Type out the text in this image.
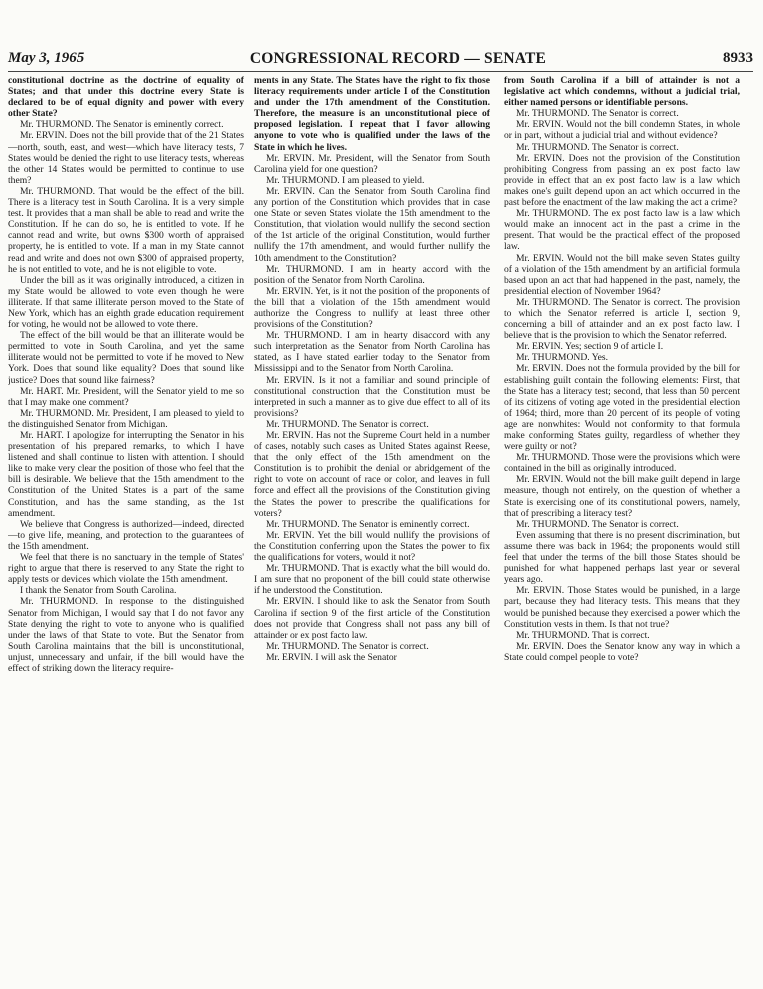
May 3, 1965	CONGRESSIONAL RECORD — SENATE	8933

constitutional doctrine as the doctrine of equality of States; and that under this doctrine every State is declared to be of equal dignity and power with every other State?

Mr. THURMOND. The Senator is eminently correct.

Mr. ERVIN. Does not the bill provide that of the 21 States—north, south, east, and west—which have literacy tests, 7 States would be denied the right to use literacy tests, whereas the other 14 States would be permitted to continue to use them?

Mr. THURMOND. That would be the effect of the bill. There is a literacy test in South Carolina. It is a very simple test. It provides that a man shall be able to read and write the Constitution. If he can do so, he is entitled to vote. If he cannot read and write, but owns $300 worth of appraised property, he is entitled to vote. If a man in my State cannot read and write and does not own $300 of appraised property, he is not entitled to vote, and he is not eligible to vote.

Under the bill as it was originally introduced, a citizen in my State would be allowed to vote even though he were illiterate. If that same illiterate person moved to the State of New York, which has an eighth grade education requirement for voting, he would not be allowed to vote there.

The effect of the bill would be that an illiterate would be permitted to vote in South Carolina, and yet the same illiterate would not be permitted to vote if he moved to New York. Does that sound like equality? Does that sound like justice? Does that sound like fairness?

Mr. HART. Mr. President, will the Senator yield to me so that I may make one comment?

Mr. THURMOND. Mr. President, I am pleased to yield to the distinguished Senator from Michigan.

Mr. HART. I apologize for interrupting the Senator in his presentation of his prepared remarks, to which I have listened and shall continue to listen with attention. I should like to make very clear the position of those who feel that the bill is desirable. We believe that the 15th amendment to the Constitution of the United States is a part of the same Constitution, and has the same standing, as the 1st amendment.

We believe that Congress is authorized—indeed, directed—to give life, meaning, and protection to the guarantees of the 15th amendment.

We feel that there is no sanctuary in the temple of States' right to argue that there is reserved to any State the right to apply tests or devices which violate the 15th amendment.

I thank the Senator from South Carolina.

Mr. THURMOND. In response to the distinguished Senator from Michigan, I would say that I do not favor any State denying the right to vote to anyone who is qualified under the laws of that State to vote. But the Senator from South Carolina maintains that the bill is unconstitutional, unjust, unnecessary and unfair, if the bill would have the effect of striking down the literacy require-

ments in any State. The States have the right to fix those literacy requirements under article I of the Constitution and under the 17th amendment of the Constitution. Therefore, the measure is an unconstitutional piece of proposed legislation. I repeat that I favor allowing anyone to vote who is qualified under the laws of the State in which he lives.

Mr. ERVIN. Mr. President, will the Senator from South Carolina yield for one question?

Mr. THURMOND. I am pleased to yield.

Mr. ERVIN. Can the Senator from South Carolina find any portion of the Constitution which provides that in case one State or seven States violate the 15th amendment to the Constitution, that violation would nullify the second section of the 1st article of the original Constitution, would further nullify the 17th amendment, and would further nullify the 10th amendment to the Constitution?

Mr. THURMOND. I am in hearty accord with the position of the Senator from North Carolina.

Mr. ERVIN. Yet, is it not the position of the proponents of the bill that a violation of the 15th amendment would authorize the Congress to nullify at least three other provisions of the Constitution?

Mr. THURMOND. I am in hearty disaccord with any such interpretation as the Senator from North Carolina has stated, as I have stated earlier today to the Senator from Mississippi and to the Senator from North Carolina.

Mr. ERVIN. Is it not a familiar and sound principle of constitutional construction that the Constitution must be interpreted in such a manner as to give due effect to all of its provisions?

Mr. THURMOND. The Senator is correct.

Mr. ERVIN. Has not the Supreme Court held in a number of cases, notably such cases as United States against Reese, that the only effect of the 15th amendment on the Constitution is to prohibit the denial or abridgement of the right to vote on account of race or color, and leaves in full force and effect all the provisions of the Constitution giving the States the power to prescribe the qualifications for voters?

Mr. THURMOND. The Senator is eminently correct.

Mr. ERVIN. Yet the bill would nullify the provisions of the Constitution conferring upon the States the power to fix the qualifications for voters, would it not?

Mr. THURMOND. That is exactly what the bill would do. I am sure that no proponent of the bill could state otherwise if he understood the Constitution.

Mr. ERVIN. I should like to ask the Senator from South Carolina if section 9 of the first article of the Constitution does not provide that Congress shall not pass any bill of attainder or ex post facto law.

Mr. THURMOND. The Senator is correct.

Mr. ERVIN. I will ask the Senator

from South Carolina if a bill of attainder is not a legislative act which condemns, without a judicial trial, either named persons or identifiable persons.

Mr. THURMOND. The Senator is correct.

Mr. ERVIN. Would not the bill condemn States, in whole or in part, without a judicial trial and without evidence?

Mr. THURMOND. The Senator is correct.

Mr. ERVIN. Does not the provision of the Constitution prohibiting Congress from passing an ex post facto law provide in effect that an ex post facto law is a law which makes one's guilt depend upon an act which occurred in the past before the enactment of the law making the act a crime?

Mr. THURMOND. The ex post facto law is a law which would make an innocent act in the past a crime in the present. That would be the practical effect of the proposed law.

Mr. ERVIN. Would not the bill make seven States guilty of a violation of the 15th amendment by an artificial formula based upon an act that had happened in the past, namely, the presidential election of November 1964?

Mr. THURMOND. The Senator is correct. The provision to which the Senator referred is article I, section 9, concerning a bill of attainder and an ex post facto law. I believe that is the provision to which the Senator referred.

Mr. ERVIN. Yes; section 9 of article I.

Mr. THURMOND. Yes.

Mr. ERVIN. Does not the formula provided by the bill for establishing guilt contain the following elements: First, that the State has a literacy test; second, that less than 50 percent of its citizens of voting age voted in the presidential election of 1964; third, more than 20 percent of its people of voting age are nonwhites: Would not conformity to that formula make conforming States guilty, regardless of whether they were guilty or not?

Mr. THURMOND. Those were the provisions which were contained in the bill as originally introduced.

Mr. ERVIN. Would not the bill make guilt depend in large measure, though not entirely, on the question of whether a State is exercising one of its constitutional powers, namely, that of prescribing a literacy test?

Mr. THURMOND. The Senator is correct.

Even assuming that there is no present discrimination, but assume there was back in 1964; the proponents would still feel that under the terms of the bill those States should be punished for what happened perhaps last year or several years ago.

Mr. ERVIN. Those States would be punished, in a large part, because they had literacy tests. This means that they would be punished because they exercised a power which the Constitution vests in them. Is that not true?

Mr. THURMOND. That is correct.

Mr. ERVIN. Does the Senator know any way in which a State could compel people to vote?
